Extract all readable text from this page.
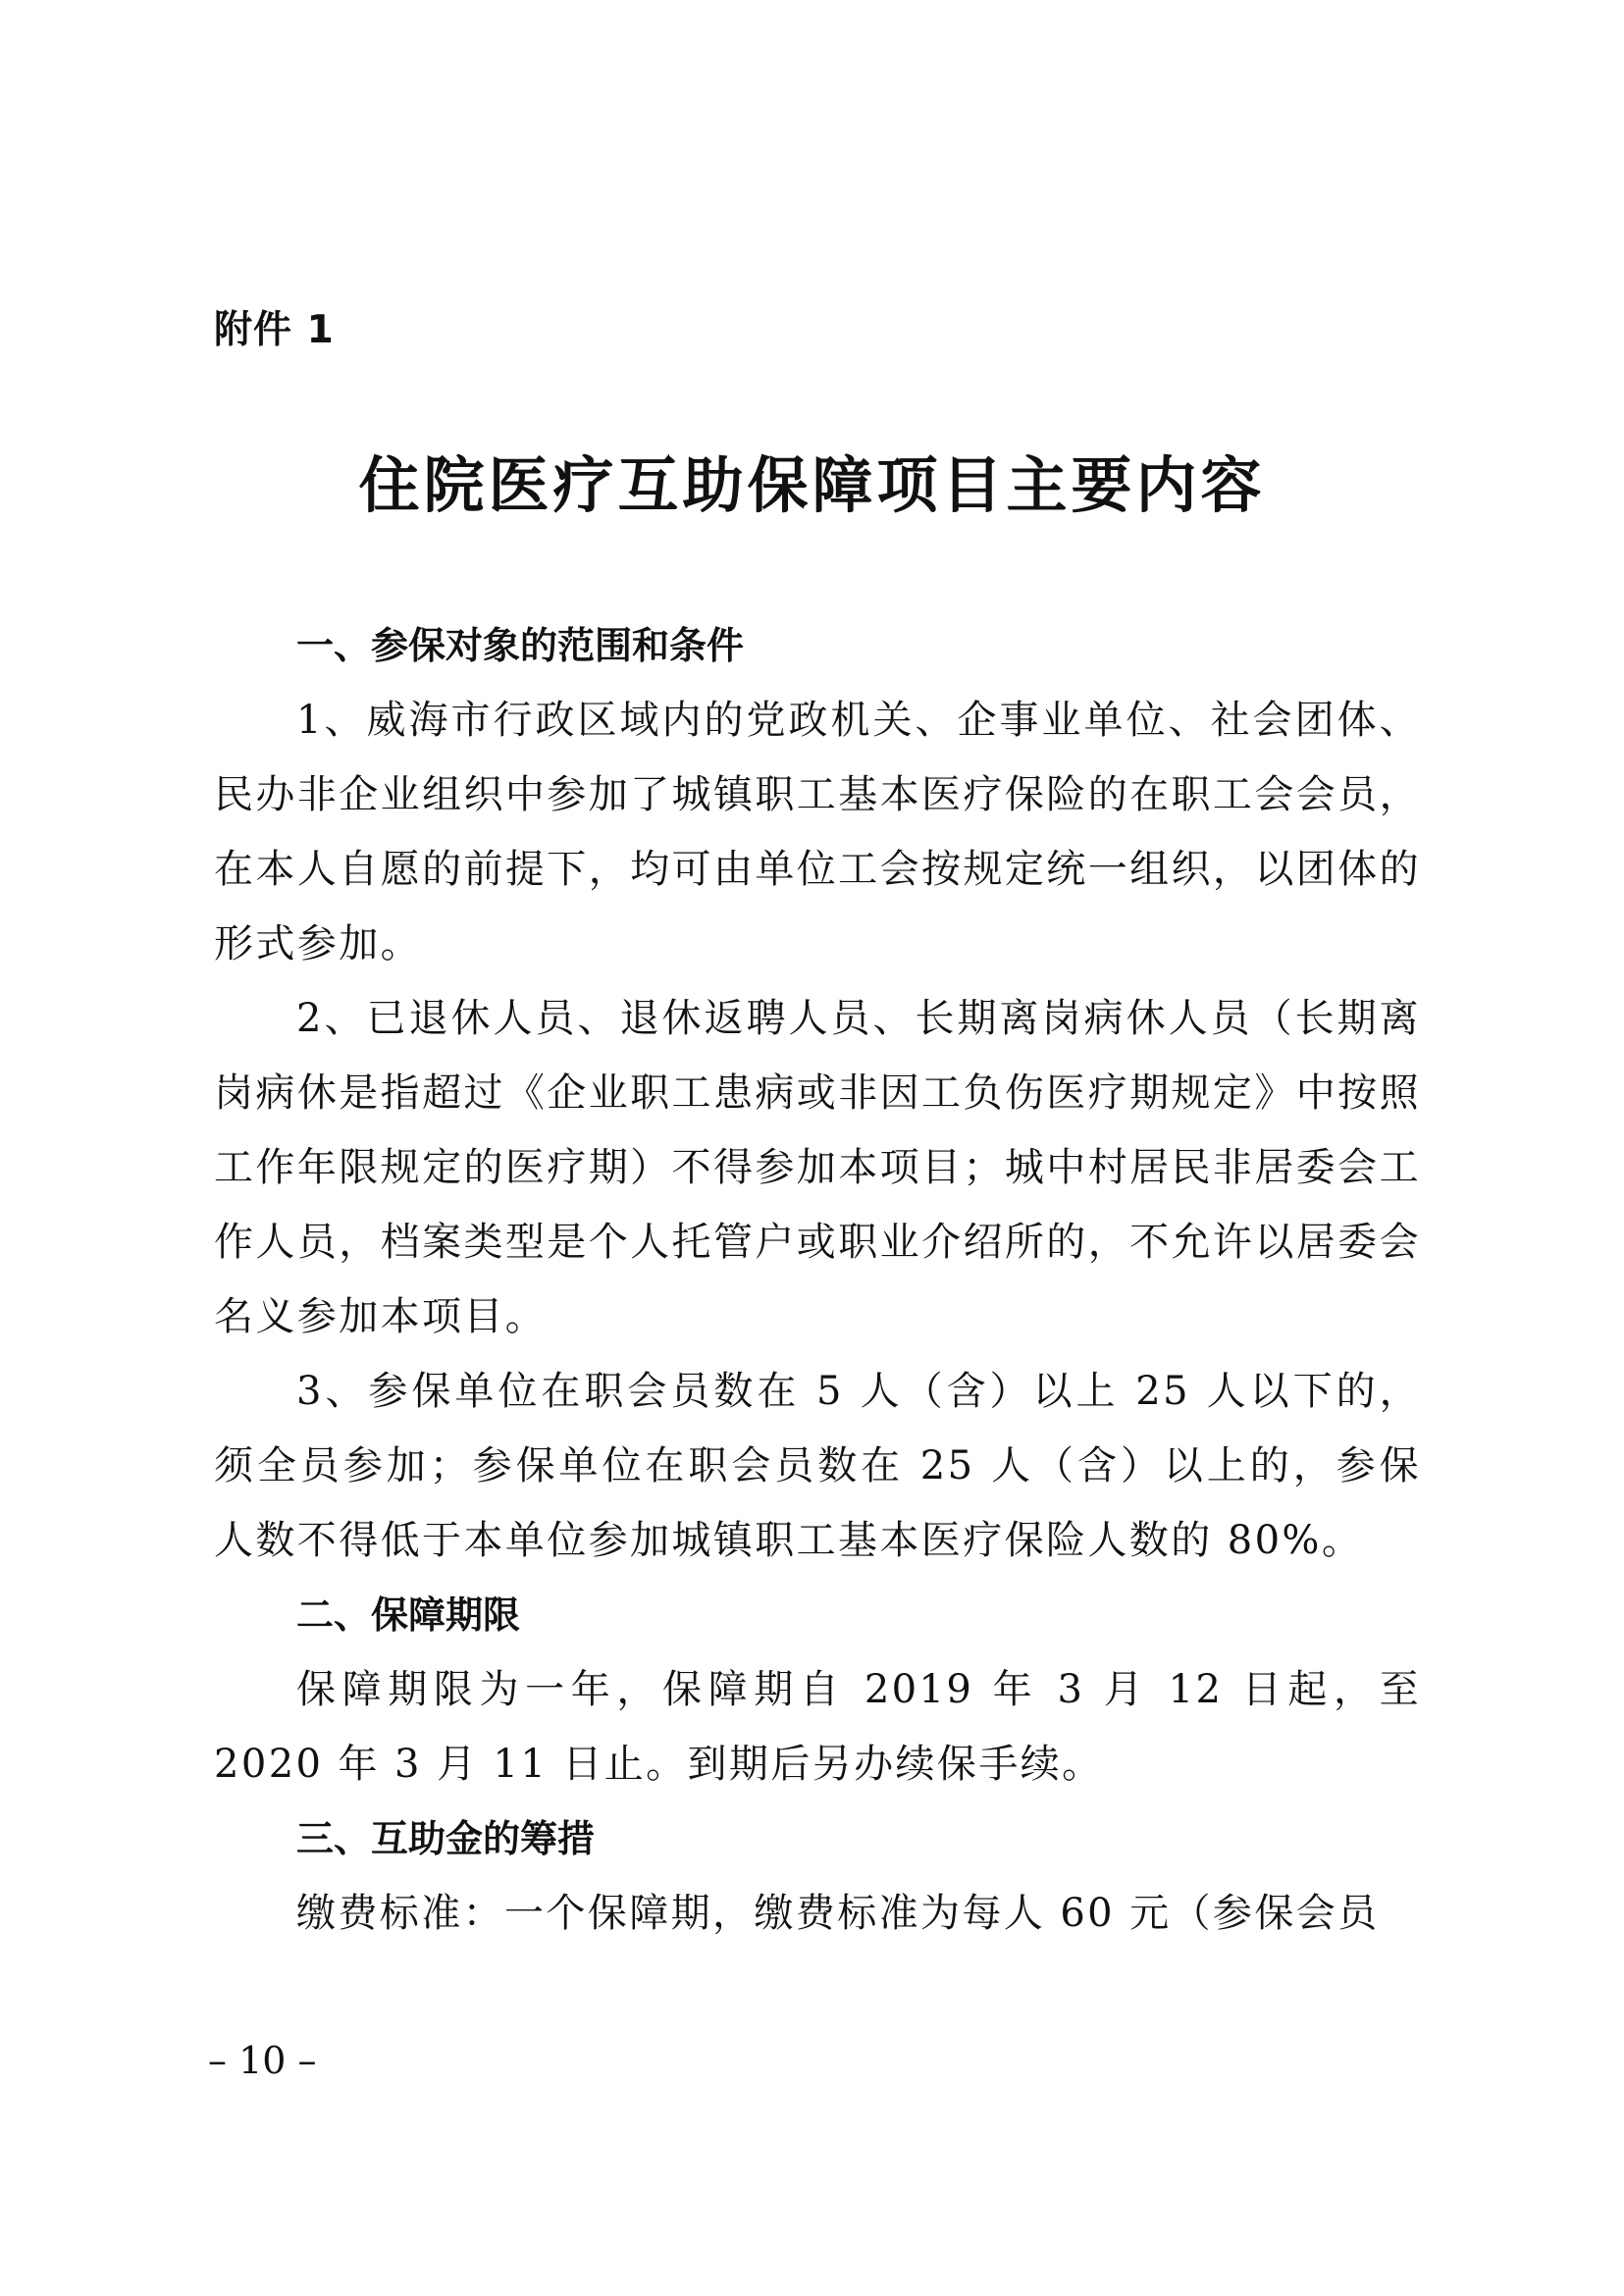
附件 1
住院医疗互助保障项目主要内容

一、参保对象的范围和条件

1、威海市行政区域内的党政机关、企事业单位、社会团体、民办非企业组织中参加了城镇职工基本医疗保险的在职工会会员，在本人自愿的前提下，均可由单位工会按规定统一组织，以团体的形式参加。

2、已退休人员、退休返聘人员、长期离岗病休人员（长期离岗病休是指超过《企业职工患病或非因工负伤医疗期规定》中按照工作年限规定的医疗期）不得参加本项目；城中村居民非居委会工作人员，档案类型是个人托管户或职业介绍所的，不允许以居委会名义参加本项目。

3、参保单位在职会员数在 5 人（含）以上 25 人以下的，须全员参加；参保单位在职会员数在 25 人（含）以上的，参保人数不得低于本单位参加城镇职工基本医疗保险人数的 80%。

二、保障期限

保障期限为一年，保障期自 2019 年 3 月 12 日起，至 2020 年 3 月 11 日止。到期后另办续保手续。

三、互助金的筹措

缴费标准：一个保障期，缴费标准为每人 60 元（参保会员

– 10 –
